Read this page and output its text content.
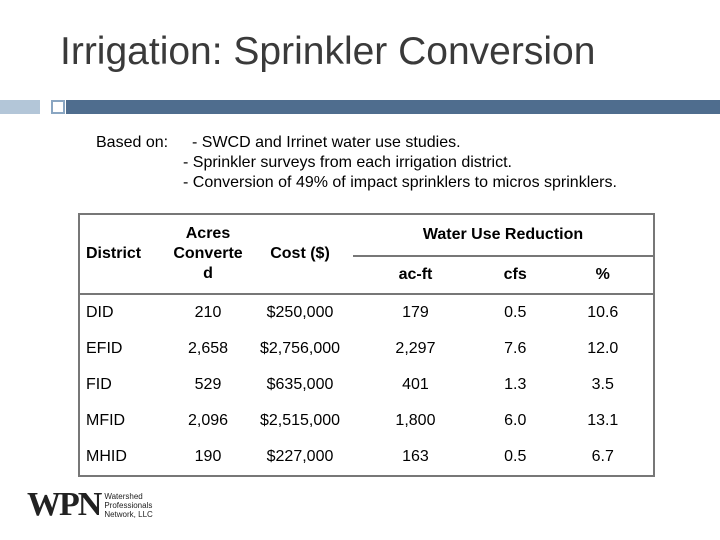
Irrigation: Sprinkler Conversion
Based on: - SWCD and Irrinet water use studies.
- Sprinkler surveys from each irrigation district.
- Conversion of 49% of impact sprinklers to micros sprinklers.
District	Acres Converte d	Cost ($)	Water Use Reduction		
			ac-ft	cfs	%
DID	210	$250,000	179	0.5	10.6
EFID	2,658	$2,756,000	2,297	7.6	12.0
FID	529	$635,000	401	1.3	3.5
MFID	2,096	$2,515,000	1,800	6.0	13.1
MHID	190	$227,000	163	0.5	6.7
WPN Watershed
Professionals
Network, LLC
